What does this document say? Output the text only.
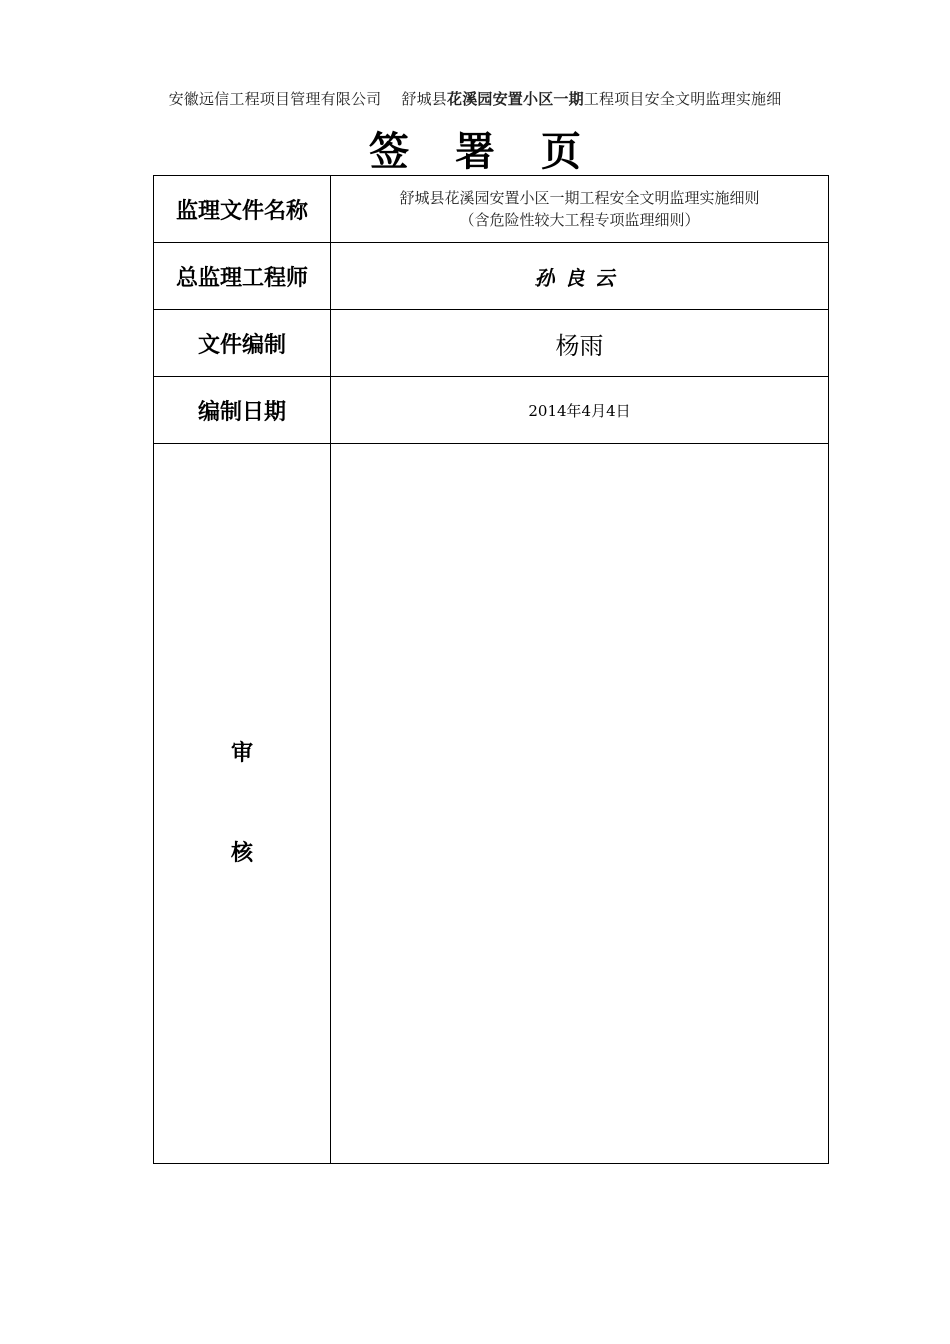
安徽远信工程项目管理有限公司 舒城县花溪园安置小区一期工程项目安全文明监理实施细
签署页
监理文件名称	舒城县花溪园安置小区一期工程安全文明监理实施细则
（含危险性较大工程专项监理细则）

总监理工程师	孙良云
文件编制	杨雨
编制日期	2014年4月4日

审
核	
